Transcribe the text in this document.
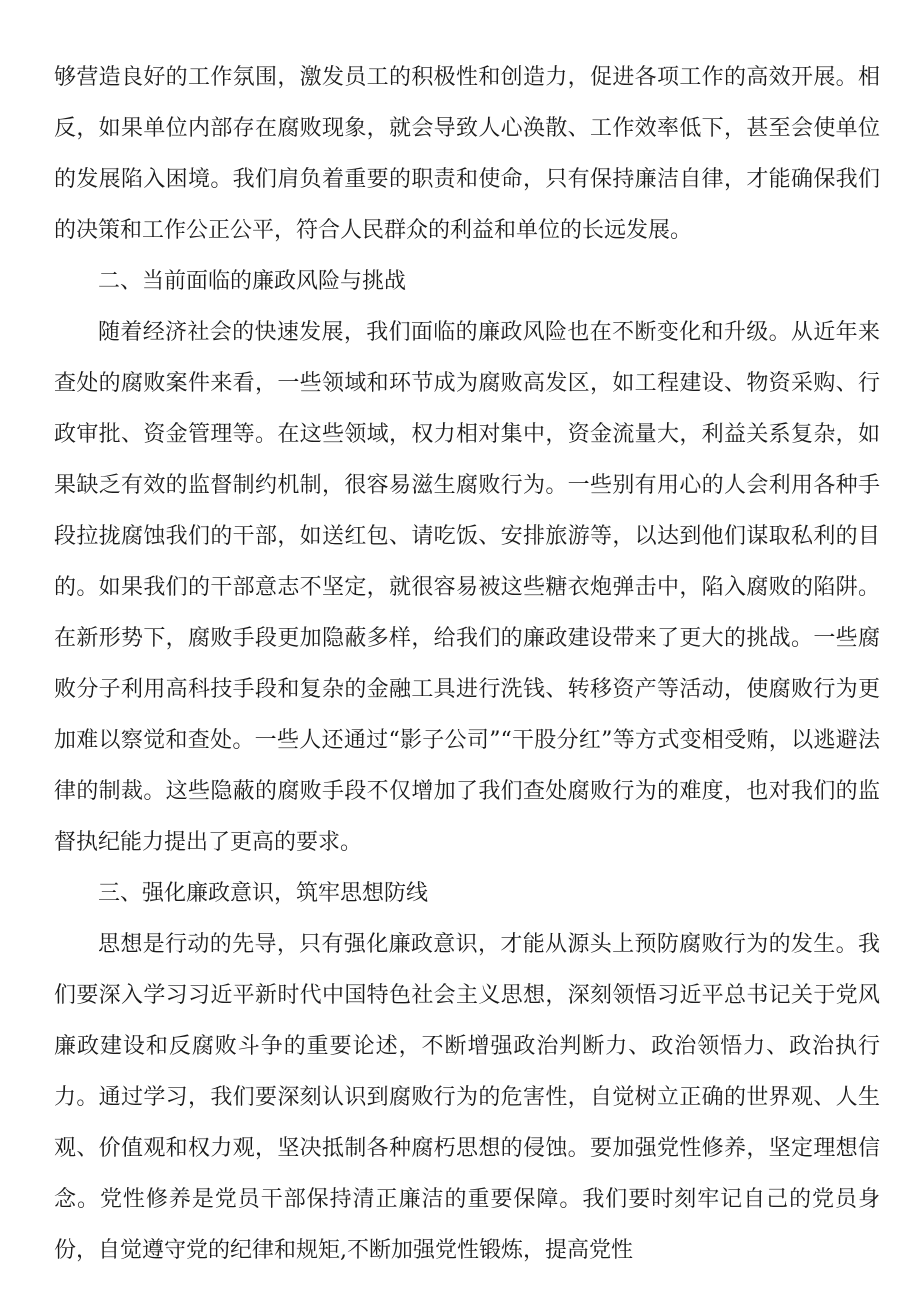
够营造良好的工作氛围，激发员工的积极性和创造力，促进各项工作的高效开展。相反，如果单位内部存在腐败现象，就会导致人心涣散、工作效率低下，甚至会使单位的发展陷入困境。我们肩负着重要的职责和使命，只有保持廉洁自律，才能确保我们的决策和工作公正公平，符合人民群众的利益和单位的长远发展。

二、当前面临的廉政风险与挑战

随着经济社会的快速发展，我们面临的廉政风险也在不断变化和升级。从近年来查处的腐败案件来看，一些领域和环节成为腐败高发区，如工程建设、物资采购、行政审批、资金管理等。在这些领域，权力相对集中，资金流量大，利益关系复杂，如果缺乏有效的监督制约机制，很容易滋生腐败行为。一些别有用心的人会利用各种手段拉拢腐蚀我们的干部，如送红包、请吃饭、安排旅游等，以达到他们谋取私利的目的。如果我们的干部意志不坚定，就很容易被这些糖衣炮弹击中，陷入腐败的陷阱。在新形势下，腐败手段更加隐蔽多样，给我们的廉政建设带来了更大的挑战。一些腐败分子利用高科技手段和复杂的金融工具进行洗钱、转移资产等活动，使腐败行为更加难以察觉和查处。一些人还通过“影子公司”“干股分红”等方式变相受贿，以逃避法律的制裁。这些隐蔽的腐败手段不仅增加了我们查处腐败行为的难度，也对我们的监督执纪能力提出了更高的要求。

三、强化廉政意识，筑牢思想防线

思想是行动的先导，只有强化廉政意识，才能从源头上预防腐败行为的发生。我们要深入学习习近平新时代中国特色社会主义思想，深刻领悟习近平总书记关于党风廉政建设和反腐败斗争的重要论述，不断增强政治判断力、政治领悟力、政治执行力。通过学习，我们要深刻认识到腐败行为的危害性，自觉树立正确的世界观、人生观、价值观和权力观，坚决抵制各种腐朽思想的侵蚀。要加强党性修养，坚定理想信念。党性修养是党员干部保持清正廉洁的重要保障。我们要时刻牢记自己的党员身份，自觉遵守党的纪律和规矩,不断加强党性锻炼，提高党性
